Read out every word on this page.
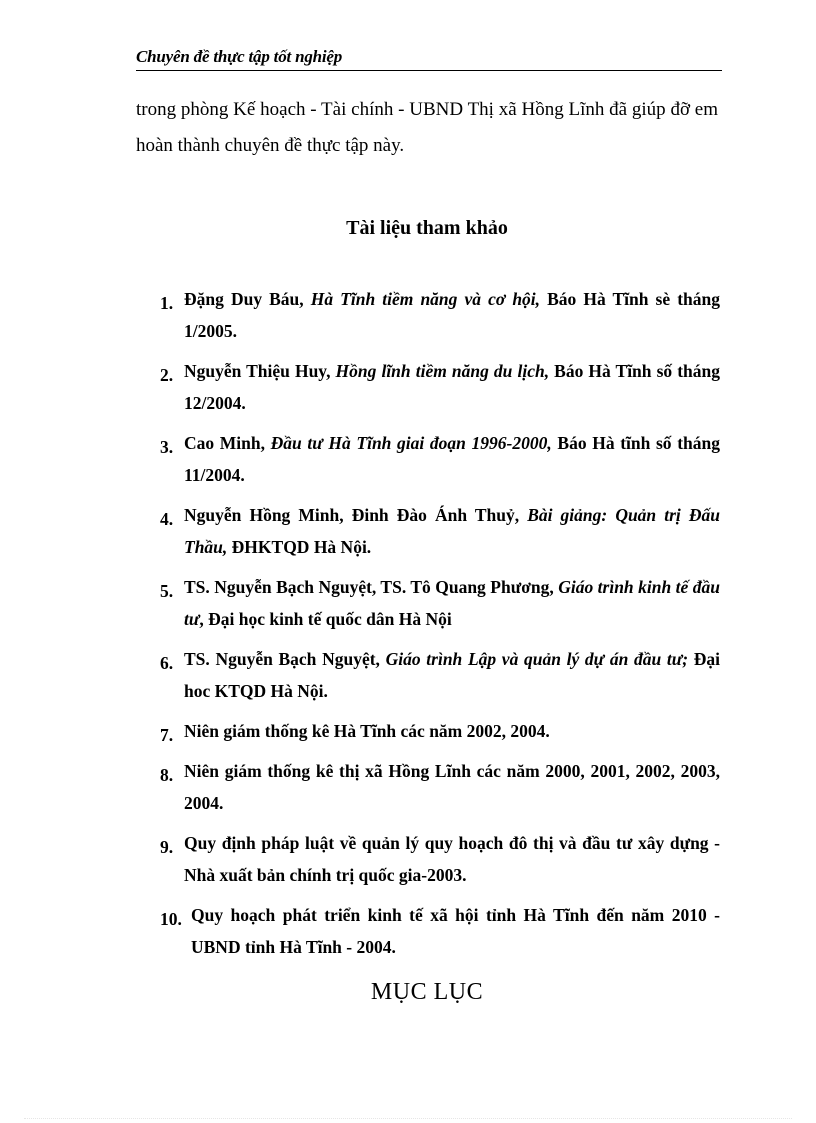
Chuyên đề thực tập tốt nghiệp

trong phòng Kế hoạch - Tài chính - UBND Thị xã Hồng Lĩnh đã giúp đỡ em hoàn thành chuyên đề thực tập này.

Tài liệu tham khảo
1. Đặng Duy Báu, Hà Tĩnh tiềm năng và cơ hội, Báo Hà Tĩnh sè tháng 1/2005.
2. Nguyễn Thiệu Huy, Hồng lĩnh tiềm năng du lịch, Báo Hà Tĩnh số tháng 12/2004.
3. Cao Minh, Đầu tư Hà Tĩnh giai đoạn 1996-2000, Báo Hà tĩnh số tháng 11/2004.
4. Nguyễn Hồng Minh, Đinh Đào Ánh Thuỷ, Bài giảng: Quản trị Đấu Thầu, ĐHKTQD Hà Nội.
5. TS. Nguyễn Bạch Nguyệt, TS. Tô Quang Phương, Giáo trình kinh tế đầu tư, Đại học kinh tế quốc dân Hà Nội
6. TS. Nguyễn Bạch Nguyệt, Giáo trình Lập và quản lý dự án đầu tư; Đại hoc KTQD Hà Nội.
7. Niên giám thống kê Hà Tĩnh các năm 2002, 2004.
8. Niên giám thống kê thị xã Hồng Lĩnh các năm 2000, 2001, 2002, 2003, 2004.
9. Quy định pháp luật về quản lý quy hoạch đô thị và đầu tư xây dựng - Nhà xuất bản chính trị quốc gia-2003.
10. Quy hoạch phát triển kinh tế xã hội tỉnh Hà Tĩnh đến năm 2010 - UBND tỉnh Hà Tĩnh - 2004.
MỤC LỤC
